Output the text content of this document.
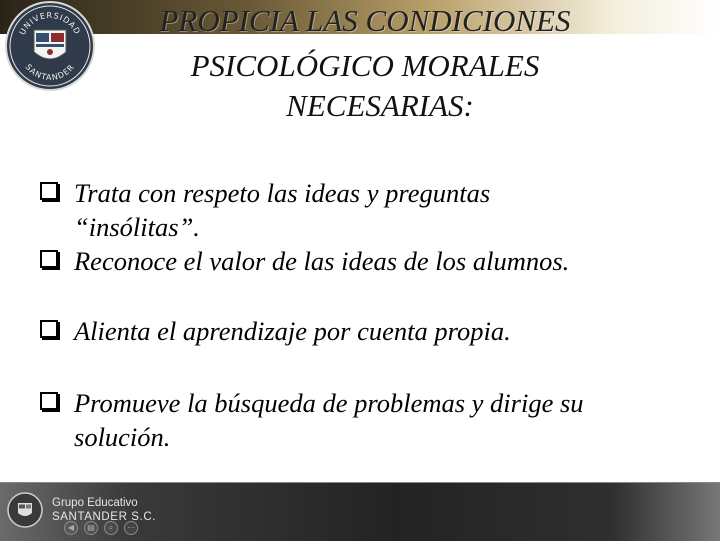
UNIVERSIDAD
SANTANDER
PROPICIA LAS CONDICIONES
PSICOLÓGICO MORALES
NECESARIAS:
Trata con respeto las ideas y preguntas
“insólitas”.
Reconoce el valor de las ideas de los alumnos.
Alienta el aprendizaje por cuenta propia.
Promueve la búsqueda de problemas y dirige su
solución.
Grupo Educativo
SANTANDER S.C.
◀	▤	⌕	⋯
